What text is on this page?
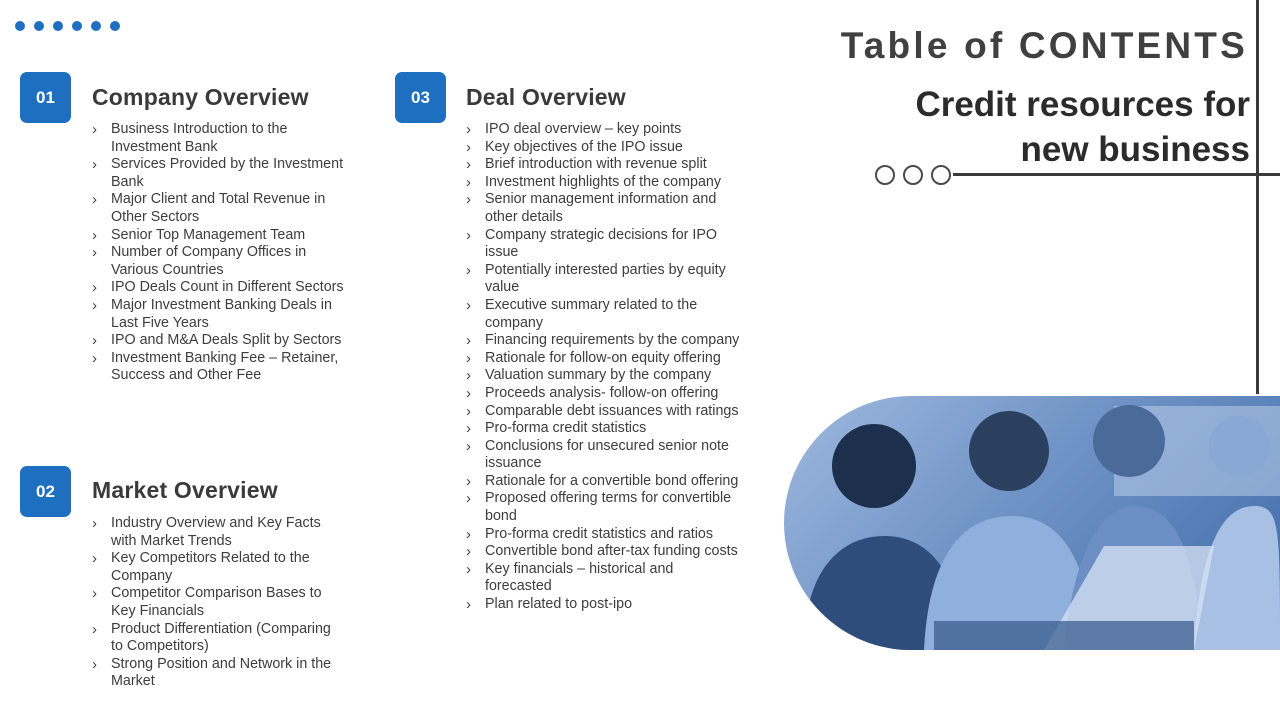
01	Company Overview
› Business Introduction to the Investment Bank
› Services Provided by the Investment Bank
› Major Client and Total Revenue in Other Sectors
› Senior Top Management Team
› Number of Company Offices in Various Countries
› IPO Deals Count in Different Sectors
› Major Investment Banking Deals in Last Five Years
› IPO and M&A Deals Split by Sectors
› Investment Banking Fee – Retainer, Success and Other Fee
02	Market Overview
› Industry Overview and Key Facts with Market Trends
› Key Competitors Related to the Company
› Competitor Comparison Bases to Key Financials
› Product Differentiation (Comparing to Competitors)
› Strong Position and Network in the Market
03	Deal Overview
› IPO deal overview – key points
› Key objectives of the IPO issue
› Brief introduction with revenue split
› Investment highlights of the company
› Senior management information and other details
› Company strategic decisions for IPO issue
› Potentially interested parties by equity value
› Executive summary related to the company
› Financing requirements by the company
› Rationale for follow-on equity offering
› Valuation summary by the company
› Proceeds analysis- follow-on offering
› Comparable debt issuances with ratings
› Pro-forma credit statistics
› Conclusions for unsecured senior note issuance
› Rationale for a convertible bond offering
› Proposed offering terms for convertible bond
› Pro-forma credit statistics and ratios
› Convertible bond after-tax funding costs
› Key financials – historical and forecasted
› Plan related to post-ipo
Table of CONTENTS
Credit resources for
new business
